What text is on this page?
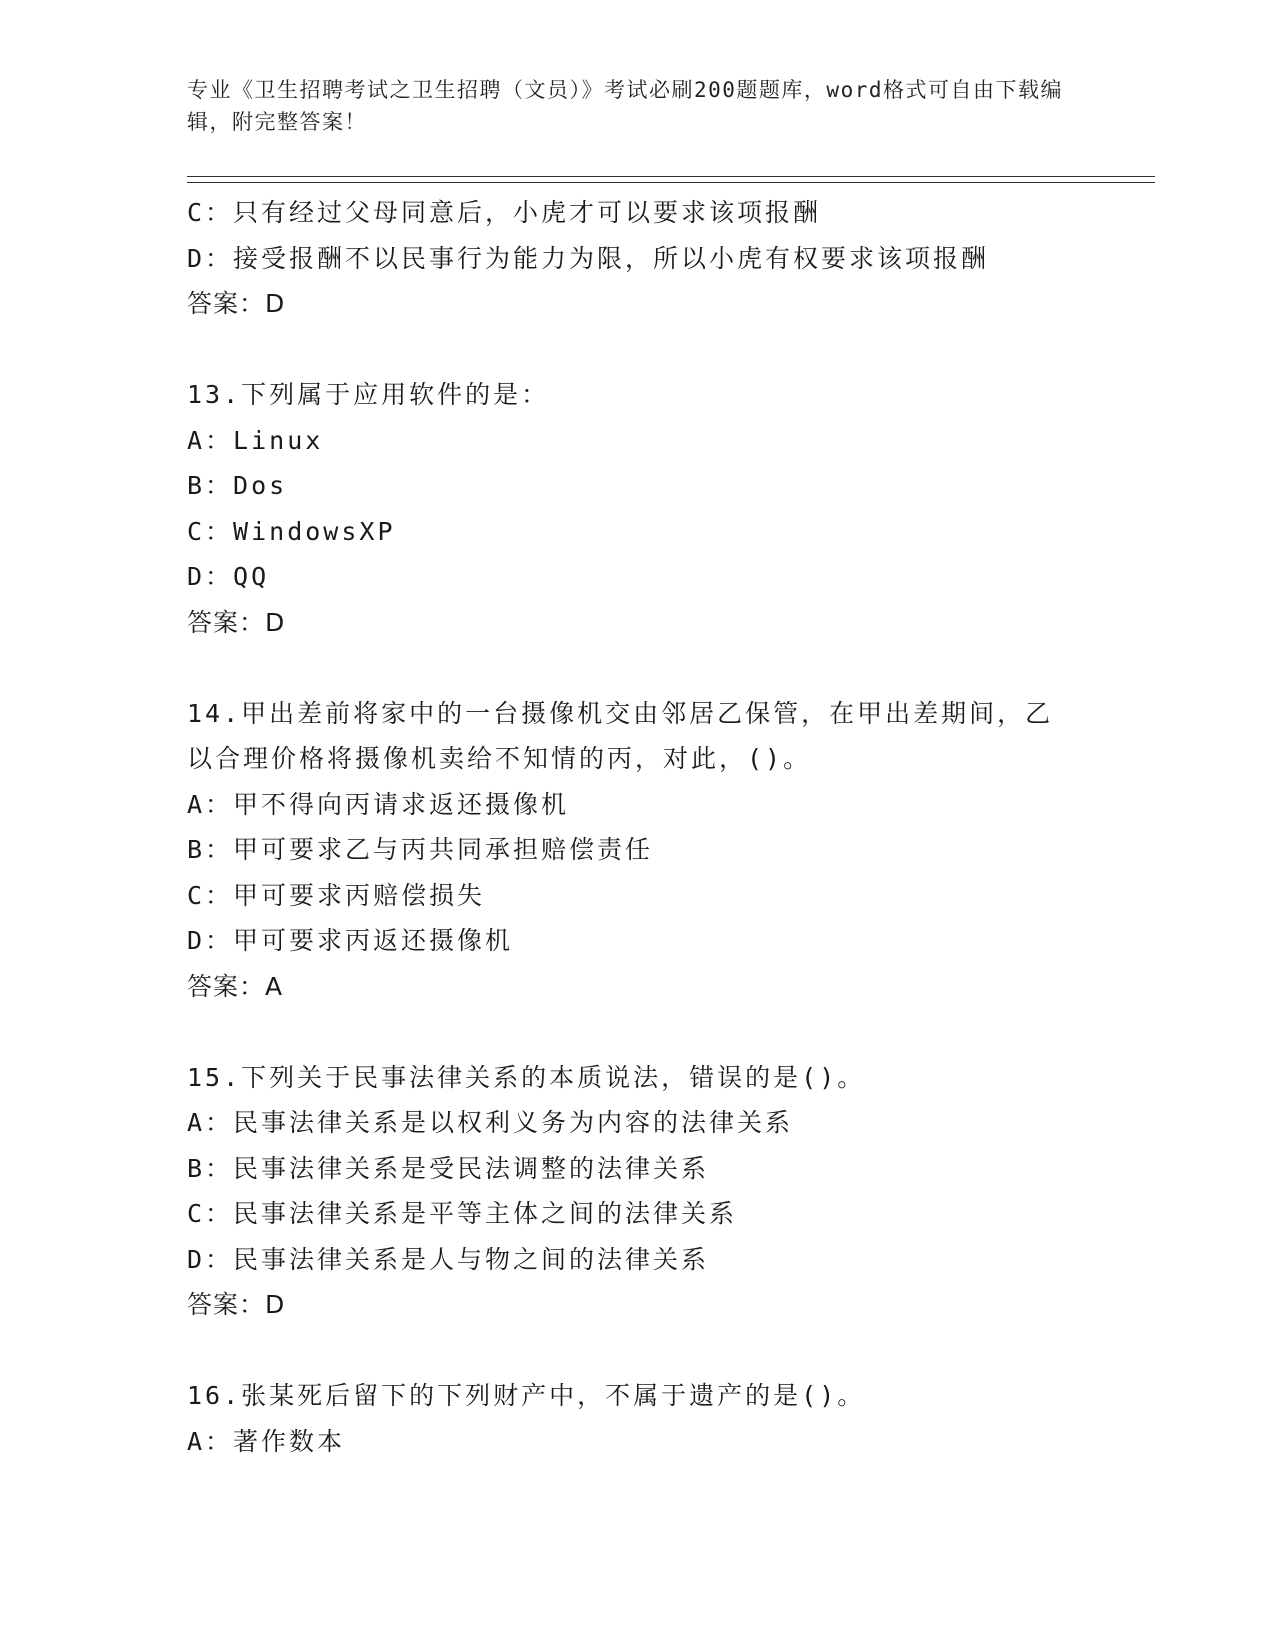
专业《卫生招聘考试之卫生招聘（文员）》考试必刷200题题库，word格式可自由下载编辑，附完整答案！
C：只有经过父母同意后，小虎才可以要求该项报酬
D：接受报酬不以民事行为能力为限，所以小虎有权要求该项报酬
答案：D
13.下列属于应用软件的是：
A：Linux
B：Dos
C：WindowsXP
D：QQ
答案：D
14.甲出差前将家中的一台摄像机交由邻居乙保管，在甲出差期间，乙
以合理价格将摄像机卖给不知情的丙，对此，()。
A：甲不得向丙请求返还摄像机
B：甲可要求乙与丙共同承担赔偿责任
C：甲可要求丙赔偿损失
D：甲可要求丙返还摄像机
答案：A
15.下列关于民事法律关系的本质说法，错误的是()。
A：民事法律关系是以权利义务为内容的法律关系
B：民事法律关系是受民法调整的法律关系
C：民事法律关系是平等主体之间的法律关系
D：民事法律关系是人与物之间的法律关系
答案：D
16.张某死后留下的下列财产中，不属于遗产的是()。
A：著作数本
